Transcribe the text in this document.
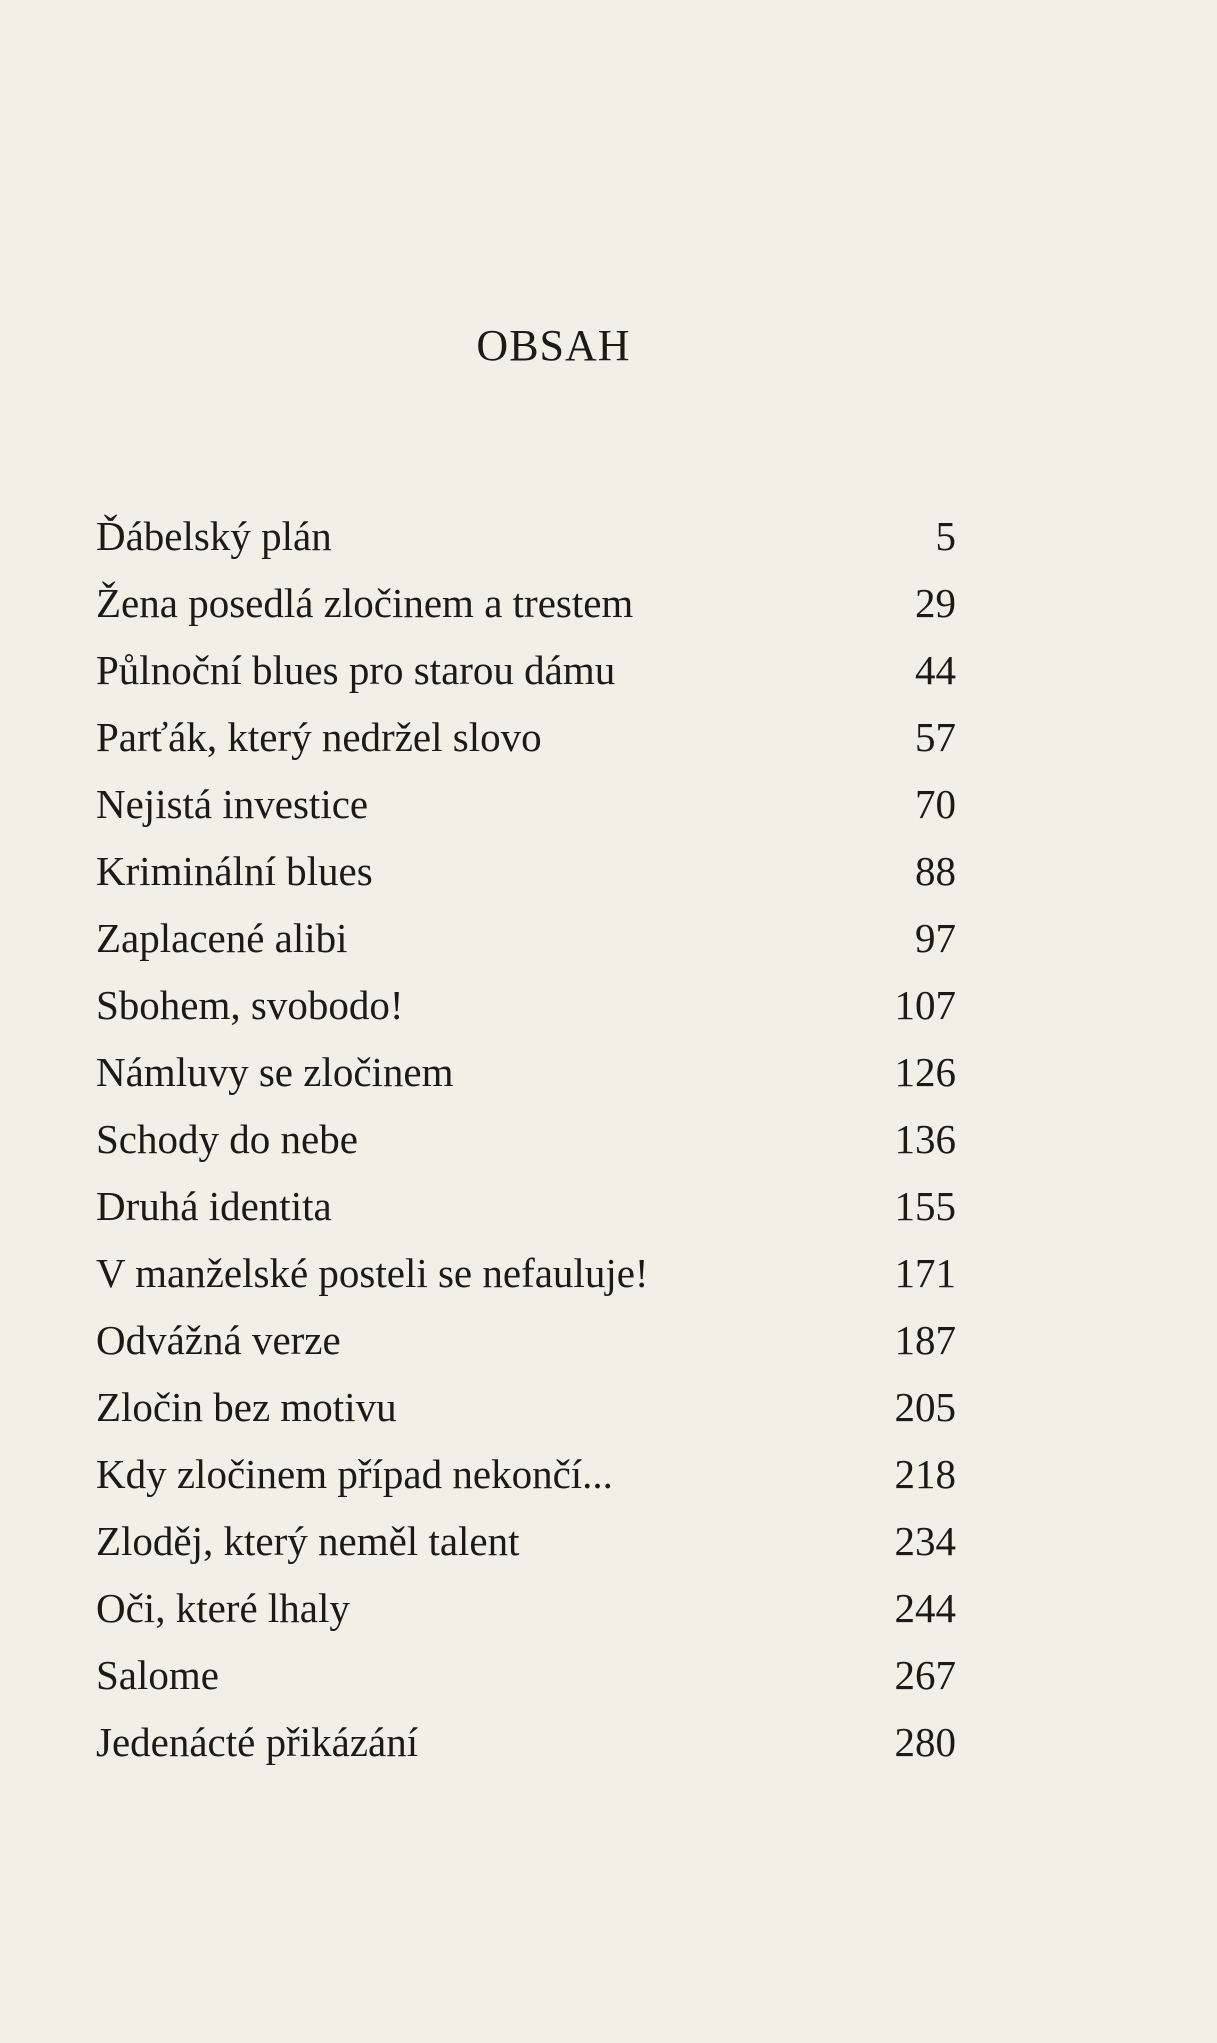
OBSAH
Ďábelský plán	5
Žena posedlá zločinem a trestem	29
Půlnoční blues pro starou dámu	44
Parťák, který nedržel slovo	57
Nejistá investice	70
Kriminální blues	88
Zaplacené alibi	97
Sbohem, svobodo!	107
Námluvy se zločinem	126
Schody do nebe	136
Druhá identita	155
V manželské posteli se nefauluje!	171
Odvážná verze	187
Zločin bez motivu	205
Kdy zločinem případ nekončí...	218
Zloděj, který neměl talent	234
Oči, které lhaly	244
Salome	267
Jedenácté přikázání	280
